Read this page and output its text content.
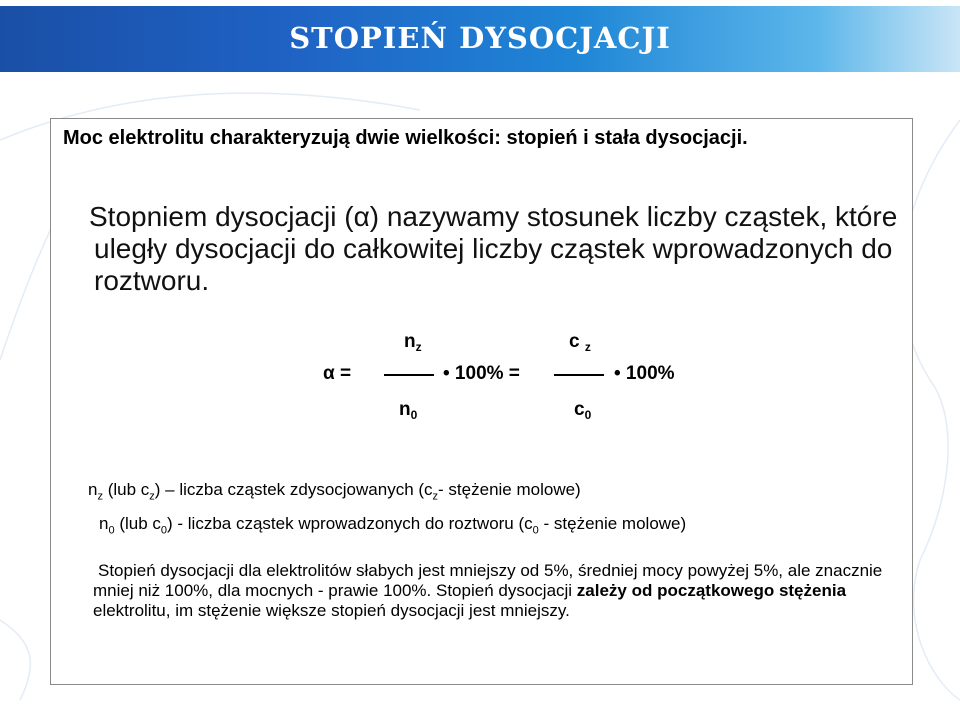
STOPIEŃ DYSOCJACJI

Moc elektrolitu charakteryzują dwie wielkości: stopień i stała dysocjacji.

Stopniem dysocjacji (α) nazywamy stosunek liczby cząstek, które uległy dysocjacji do całkowitej liczby cząstek wprowadzonych do roztworu.

$n_z$	c $_z$
α =	• 100% =	• 100%
$n_0$	$c_0$
$n_z$ (lub $c_z$) – liczba cząstek zdysocjowanych ($c_z-$ stężenie molowe)
$n_0$ (lub $c_0$) - liczba cząstek wprowadzonych do roztworu ($c_0$ - stężenie molowe)

Stopień dysocjacji dla elektrolitów słabych jest mniejszy od 5%, średniej mocy powyżej 5%, ale znacznie mniej niż 100%, dla mocnych - prawie 100%. Stopień dysocjacji zależy od początkowego stężenia elektrolitu, im stężenie większe stopień dysocjacji jest mniejszy.
